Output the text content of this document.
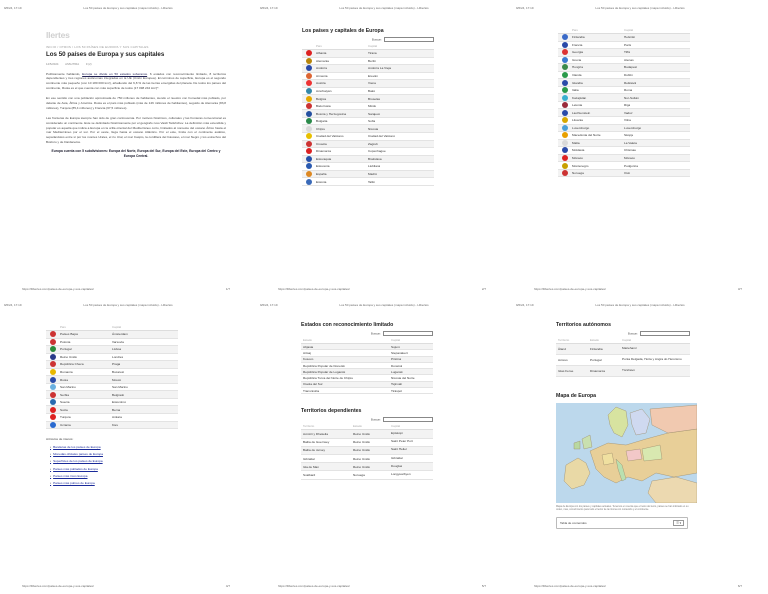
9/6/24, 17:19	Los 50 países de Europa y sus capitales (mapa incluido) - Llibertés
llertes
INICIO / OTROS / LOS 50 PAÍSES DE EUROPA Y SUS CAPITALES
Los 50 países de Europa y sus capitales
14/5/2024 ASSUTIRA 9 (2)
Políticamente hablando, Europa se divide en 50 estados soberanos. 6 estados con reconocimiento limitado, 8 territorios dependientes y tres regiones autónomas integradas en la UE (Unión Europea). En términos de superficie, Europa es el segundo continente más pequeño (con 10 180 000 km²), añadiendo del 6,8 % de las tierras emergidas del planeta. De todos los países del continente, Rusia es el que cuenta con más superficie de todos (17 098 242 km²)*.
En ese sentido con una población aproximada de 750 millones de habitantes, siendo el nuestro con humedal más poblado, por delante de Asia, África y América. Rusia es el país más poblado (más de 146 millones de habitantes), seguido de Alemania (83,8 millones), Turquía (85,4 millones) y Francia (67,5 millones).
Las fronteras de Europa siempre han sido de gran controversia. Por motivos históricos, culturales y las fronteras convencional es considerado un continente. Este se delimitado históricamente por el geógrafo ruso Vasili Tatíshchev. La definición más extendida y popular es aquella que indica a Europa en la orilla oriental del Mediterráneo corto, limitados al noroeste del océano Ártico hasta el mar Mediterráneo por el sur. Por el oeste, llega hasta el océano Atlántico. Por el este, limita con el continente asiático, separándolos entre sí por los montes Urales, el río Ural, el mar Caspio, la cordillera del Cáucaso, el mar Negro y los estrechos del Bósforo y de Dardanelos.
Europa cuenta con 5 subdivisiones: Europa del Norte, Europa del Sur, Europa del Este, Europa del Centro y Europa Central.
https://llibertes.com/paises-de-europa-y-sus-capitales/	1/7
9/6/24, 17:19	Los 50 países de Europa y sus capitales (mapa incluido) - Llibertés
Los países y capitales de Europa
Buscar:
País	Capital
Albania	Tirana
Alemania	Berlín
Andorra	Andorra La Vieja
Armenia	Ereván
Austria	Viena
Azerbaiyán	Bakú
Bélgica	Bruselas
Bielorrusia	Minsk
Bosnia y Herzegovina	Sarajevo
Bulgaria	Sofía
Chipre	Nicosia
Ciudad del Vaticano	Ciudad del Vaticano
Croacia	Zagreb
Dinamarca	Copenhague
Eslovaquia	Bratislava
Eslovenia	Liubliana
España	Madrid
Estonia	Tallin
https://llibertes.com/paises-de-europa-y-sus-capitales/	2/7
9/6/24, 17:19	Los 50 países de Europa y sus capitales (mapa incluido) - Llibertés
País	Capital
Finlandia	Helsinki
Francia	París
Georgia	Tiflis
Grecia	Atenas
Hungría	Budapest
Irlanda	Dublín
Islandia	Reikiavik
Italia	Roma
Kazajistán	Nur-Sultán
Letonia	Riga
Liechtenstein	Vaduz
Lituania	Vilna
Luxemburgo	Luxemburgo
Macedonia del Norte	Skopje
Malta	La Valeta
Moldavia	Chisinau
Mónaco	Mónaco
Montenegro	Podgorica
Noruega	Oslo
https://llibertes.com/paises-de-europa-y-sus-capitales/	3/7
9/6/24, 17:19	Los 50 países de Europa y sus capitales (mapa incluido) - Llibertés
País	Capital
Países Bajos	Ámsterdam
Polonia	Varsovia
Portugal	Lisboa
Reino Unido	Londres
República Checa	Praga
Rumanía	Bucarest
Rusia	Moscú
San Marino	San Marino
Serbia	Belgrado
Suecia	Estocolmo
Suiza	Berna
Turquía	Ankara
Ucrania	Kiev
Artículos de interés:
• Banderas de los países de Europa
• Monedas oficiales países de Europa
• Superficies de los países de Europa
• Países más poblados de Europa
• Países más ricos Europa
• Países más pobres de Europa
https://llibertes.com/paises-de-europa-y-sus-capitales/	4/7
9/6/24, 17:19	Los 50 países de Europa y sus capitales (mapa incluido) - Llibertés
Estados con reconocimiento limitado
Buscar:
Estado	Capital
Abjasia	Sujumi
Artsaj	Stepanakert
Kosovo	Pristina
República Popular de Donetsk	Donetsk
República Popular de Lugansk	Lugansk
República Turca del Norte de Chipre	Nicosia del Norte
Osetia del Sur	Tsjinvali
Transnistria	Tiráspol
Territorios dependientes
Buscar:
Territorio	Estado	Capital
Acrotiri y Dhekelia	Reino Unido	Episkopi
Bailía de Guernsey	Reino Unido	Saint Peter Port
Bailía de Jersey	Reino Unido	Saint Helier
Gibraltar	Reino Unido	Gibraltar
Isla de Man	Reino Unido	Douglas
Svalbard	Noruega	Longyearbyen
https://llibertes.com/paises-de-europa-y-sus-capitales/	5/7
9/6/24, 17:19	Los 50 países de Europa y sus capitales (mapa incluido) - Llibertés
Territorios autónomos
Buscar:
Territorio	Estado	Capital
Åland	Finlandia	Mariehamn
Azores	Portugal	Ponta Delgada, Horta y Angra do Heroísmo
Islas Feroe	Dinamarca	Tórshavn
Mapa de Europa
Mapa de Europa con los países y capitales actuales. Tenemos en cuenta que el resto del texto, países se han indicado en su orden, mas, conocimiento para todo el lector de la misma con contenido y el continente.
Tabla de contenidos	☰ ▾
https://llibertes.com/paises-de-europa-y-sus-capitales/	6/7
